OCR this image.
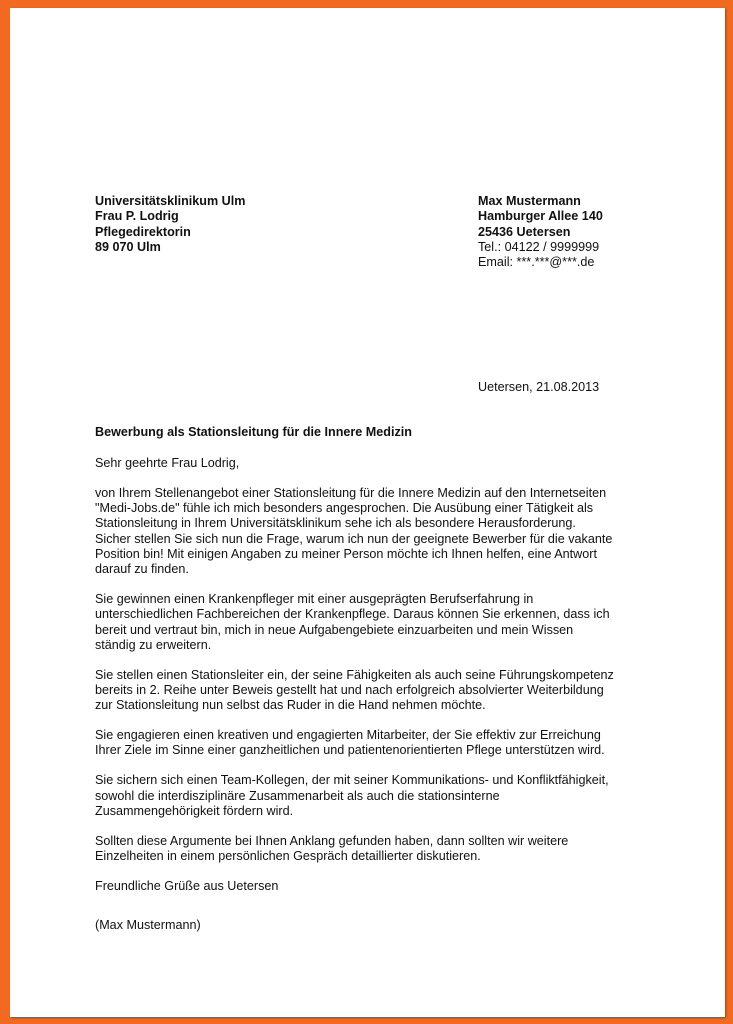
Universitätsklinikum Ulm
Frau P. Lodrig
Pflegedirektorin
89 070 Ulm
Max Mustermann
Hamburger Allee 140
25436 Uetersen
Tel.: 04122 / 9999999
Email: ***.***@***.de
Uetersen, 21.08.2013
Bewerbung als Stationsleitung für die Innere Medizin

Sehr geehrte Frau Lodrig,

von Ihrem Stellenangebot einer Stationsleitung für die Innere Medizin auf den Internetseiten
"Medi-Jobs.de" fühle ich mich besonders angesprochen. Die Ausübung einer Tätigkeit als
Stationsleitung in Ihrem Universitätsklinikum sehe ich als besondere Herausforderung.
Sicher stellen Sie sich nun die Frage, warum ich nun der geeignete Bewerber für die vakante
Position bin! Mit einigen Angaben zu meiner Person möchte ich Ihnen helfen, eine Antwort
darauf zu finden.

Sie gewinnen einen Krankenpfleger mit einer ausgeprägten Berufserfahrung in
unterschiedlichen Fachbereichen der Krankenpflege. Daraus können Sie erkennen, dass ich
bereit und vertraut bin, mich in neue Aufgabengebiete einzuarbeiten und mein Wissen
ständig zu erweitern.

Sie stellen einen Stationsleiter ein, der seine Fähigkeiten als auch seine Führungskompetenz
bereits in 2. Reihe unter Beweis gestellt hat und nach erfolgreich absolvierter Weiterbildung
zur Stationsleitung nun selbst das Ruder in die Hand nehmen möchte.

Sie engagieren einen kreativen und engagierten Mitarbeiter, der Sie effektiv zur Erreichung
Ihrer Ziele im Sinne einer ganzheitlichen und patientenorientierten Pflege unterstützen wird.

Sie sichern sich einen Team-Kollegen, der mit seiner Kommunikations- und Konfliktfähigkeit,
sowohl die interdisziplinäre Zusammenarbeit als auch die stationsinterne
Zusammengehörigkeit fördern wird.

Sollten diese Argumente bei Ihnen Anklang gefunden haben, dann sollten wir weitere
Einzelheiten in einem persönlichen Gespräch detaillierter diskutieren.

Freundliche Grüße aus Uetersen

(Max Mustermann)
